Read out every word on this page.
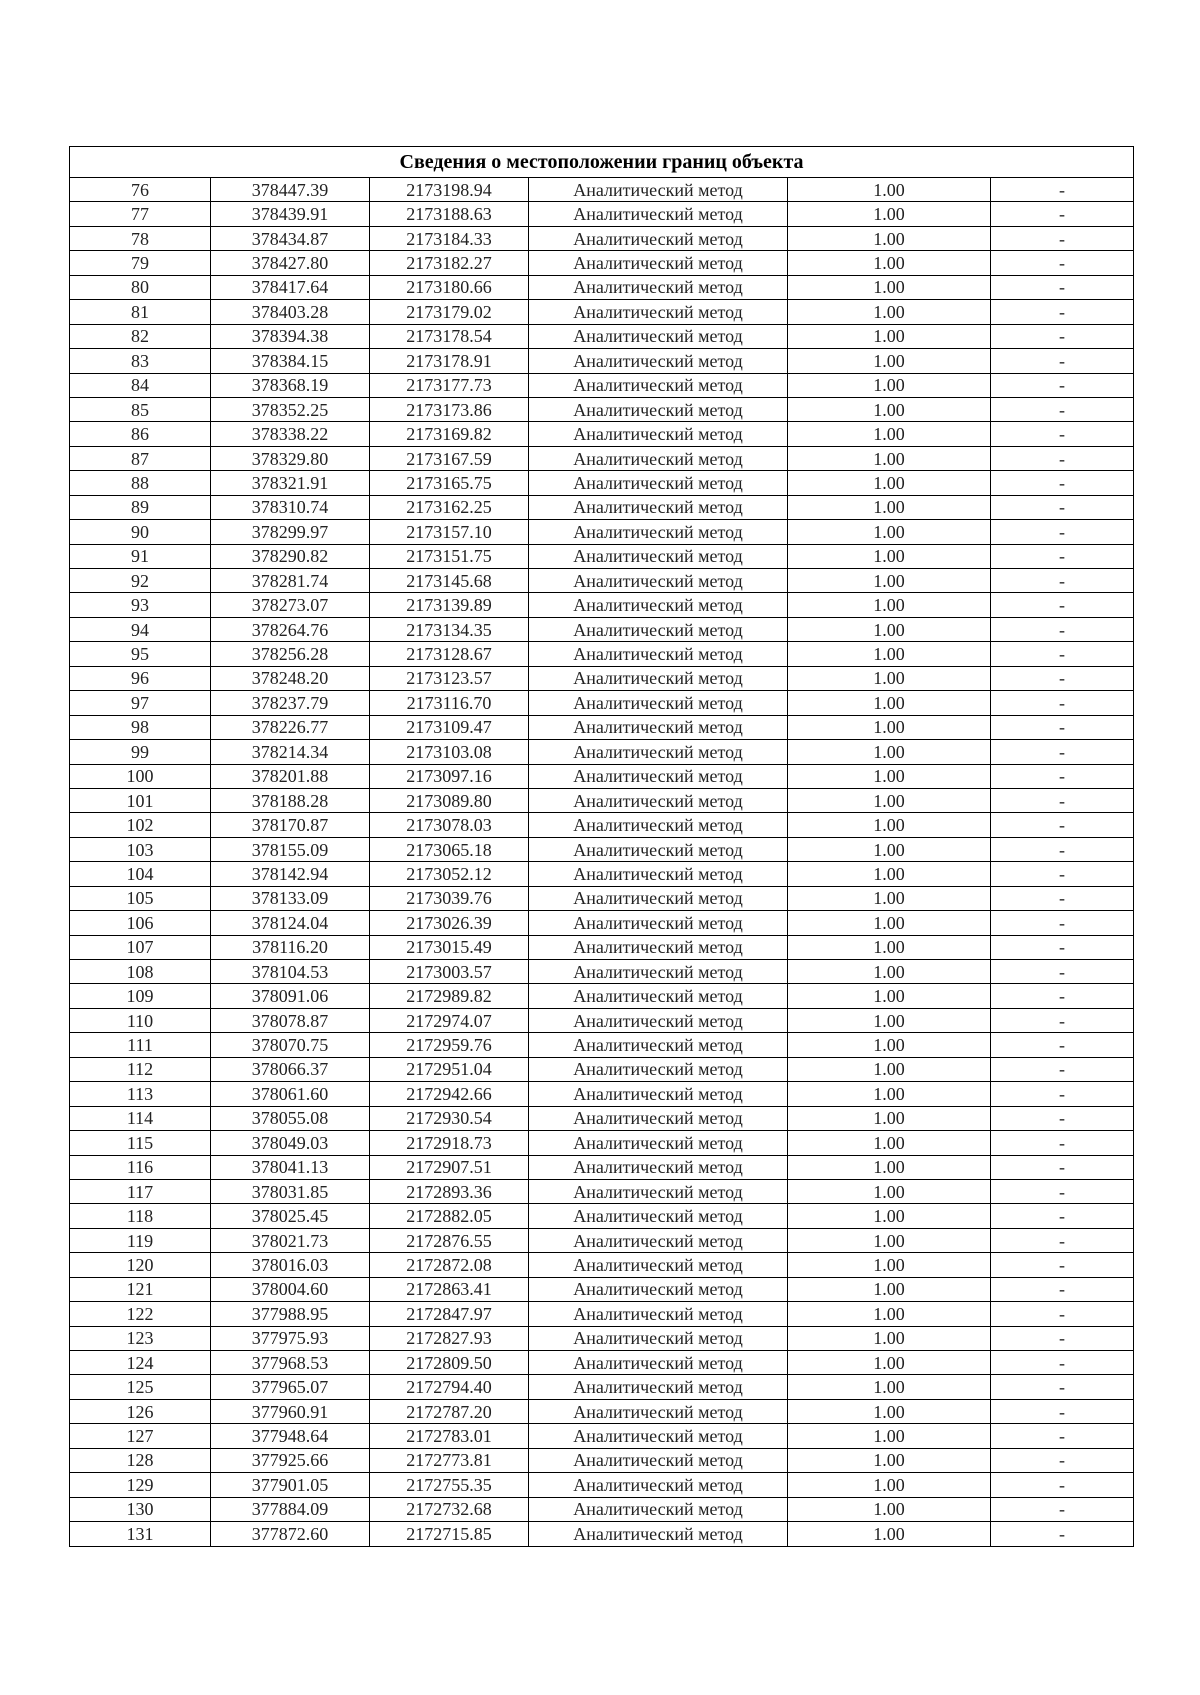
Сведения о местоположении границ объекта					
76	378447.39	2173198.94	Аналитический метод	1.00	-
77	378439.91	2173188.63	Аналитический метод	1.00	-
78	378434.87	2173184.33	Аналитический метод	1.00	-
79	378427.80	2173182.27	Аналитический метод	1.00	-
80	378417.64	2173180.66	Аналитический метод	1.00	-
81	378403.28	2173179.02	Аналитический метод	1.00	-
82	378394.38	2173178.54	Аналитический метод	1.00	-
83	378384.15	2173178.91	Аналитический метод	1.00	-
84	378368.19	2173177.73	Аналитический метод	1.00	-
85	378352.25	2173173.86	Аналитический метод	1.00	-
86	378338.22	2173169.82	Аналитический метод	1.00	-
87	378329.80	2173167.59	Аналитический метод	1.00	-
88	378321.91	2173165.75	Аналитический метод	1.00	-
89	378310.74	2173162.25	Аналитический метод	1.00	-
90	378299.97	2173157.10	Аналитический метод	1.00	-
91	378290.82	2173151.75	Аналитический метод	1.00	-
92	378281.74	2173145.68	Аналитический метод	1.00	-
93	378273.07	2173139.89	Аналитический метод	1.00	-
94	378264.76	2173134.35	Аналитический метод	1.00	-
95	378256.28	2173128.67	Аналитический метод	1.00	-
96	378248.20	2173123.57	Аналитический метод	1.00	-
97	378237.79	2173116.70	Аналитический метод	1.00	-
98	378226.77	2173109.47	Аналитический метод	1.00	-
99	378214.34	2173103.08	Аналитический метод	1.00	-
100	378201.88	2173097.16	Аналитический метод	1.00	-
101	378188.28	2173089.80	Аналитический метод	1.00	-
102	378170.87	2173078.03	Аналитический метод	1.00	-
103	378155.09	2173065.18	Аналитический метод	1.00	-
104	378142.94	2173052.12	Аналитический метод	1.00	-
105	378133.09	2173039.76	Аналитический метод	1.00	-
106	378124.04	2173026.39	Аналитический метод	1.00	-
107	378116.20	2173015.49	Аналитический метод	1.00	-
108	378104.53	2173003.57	Аналитический метод	1.00	-
109	378091.06	2172989.82	Аналитический метод	1.00	-
110	378078.87	2172974.07	Аналитический метод	1.00	-
111	378070.75	2172959.76	Аналитический метод	1.00	-
112	378066.37	2172951.04	Аналитический метод	1.00	-
113	378061.60	2172942.66	Аналитический метод	1.00	-
114	378055.08	2172930.54	Аналитический метод	1.00	-
115	378049.03	2172918.73	Аналитический метод	1.00	-
116	378041.13	2172907.51	Аналитический метод	1.00	-
117	378031.85	2172893.36	Аналитический метод	1.00	-
118	378025.45	2172882.05	Аналитический метод	1.00	-
119	378021.73	2172876.55	Аналитический метод	1.00	-
120	378016.03	2172872.08	Аналитический метод	1.00	-
121	378004.60	2172863.41	Аналитический метод	1.00	-
122	377988.95	2172847.97	Аналитический метод	1.00	-
123	377975.93	2172827.93	Аналитический метод	1.00	-
124	377968.53	2172809.50	Аналитический метод	1.00	-
125	377965.07	2172794.40	Аналитический метод	1.00	-
126	377960.91	2172787.20	Аналитический метод	1.00	-
127	377948.64	2172783.01	Аналитический метод	1.00	-
128	377925.66	2172773.81	Аналитический метод	1.00	-
129	377901.05	2172755.35	Аналитический метод	1.00	-
130	377884.09	2172732.68	Аналитический метод	1.00	-
131	377872.60	2172715.85	Аналитический метод	1.00	-
